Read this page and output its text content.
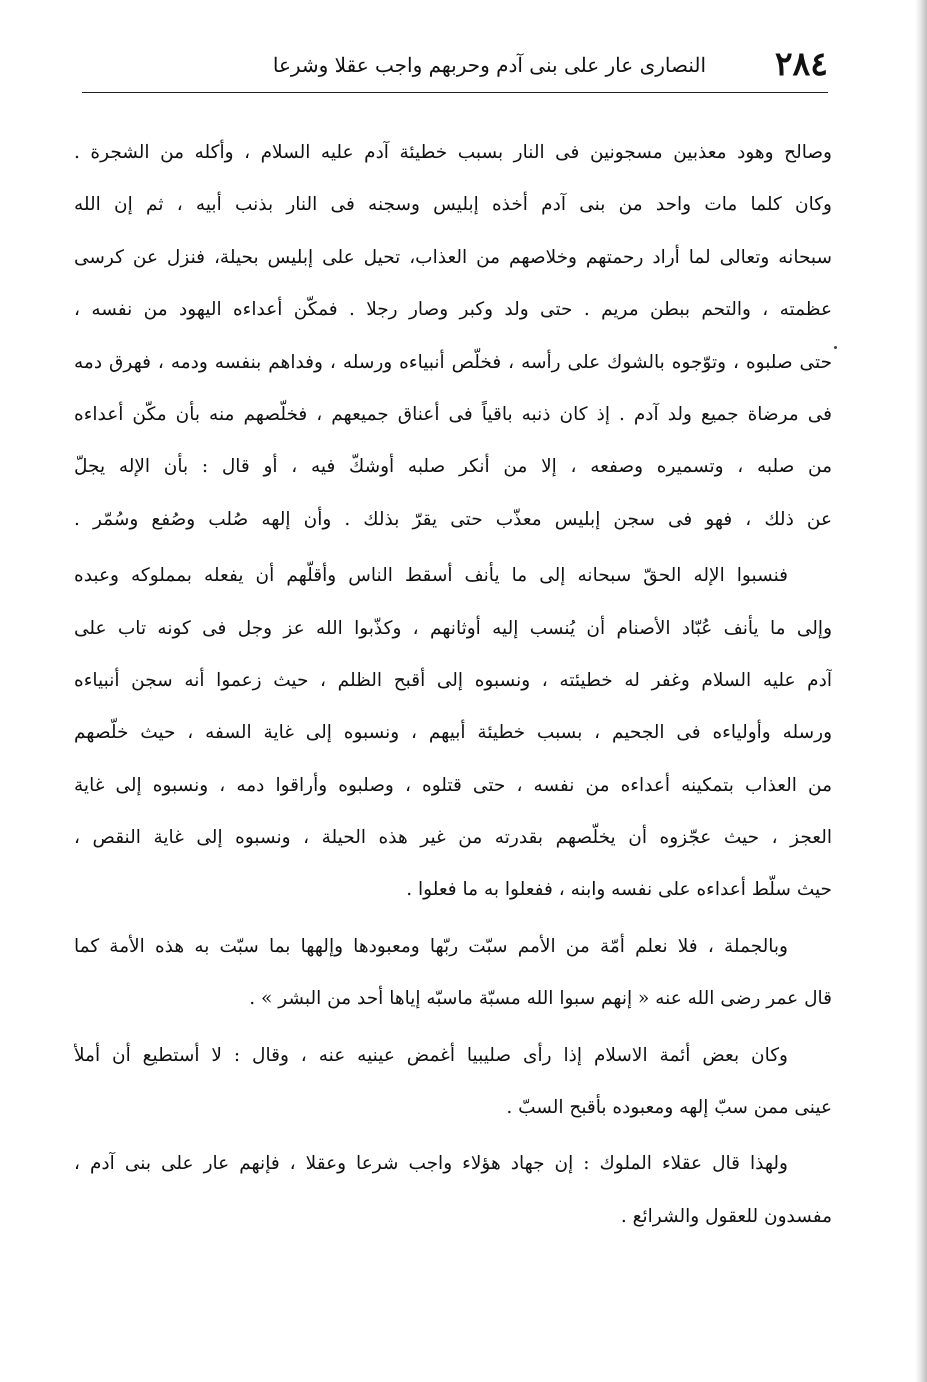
٢٨٤
النصارى عار على بنى آدم وحربهم واجب عقلا وشرعا
وصالح وهود معذبين مسجونين فى النار بسبب خطيئة آدم عليه السلام ، وأكله من الشجرة .
وكان كلما مات واحد من بنى آدم أخذه إبليس وسجنه فى النار بذنب أبيه ، ثم إن الله
سبحانه وتعالى لما أراد رحمتهم وخلاصهم من العذاب، تحيل على إبليس بحيلة، فنزل عن كرسى
عظمته ، والتحم ببطن مريم . حتى ولد وكبر وصار رجلا . فمكّن أعداءه اليهود من نفسه ،
حتى صلبوه ، وتوّجوه بالشوك على رأسه ، فخلّص أنبياءه ورسله ، وفداهم بنفسه ودمه ، فهرق دمه
فى مرضاة جميع ولد آدم . إذ كان ذنبه باقياً فى أعناق جميعهم ، فخلّصهم منه بأن مكّن أعداءه
من صلبه ، وتسميره وصفعه ، إلا من أنكر صلبه أوشكّ فيه ، أو قال : بأن الإله يجلّ
عن ذلك ، فهو فى سجن إبليس معذّب حتى يقرّ بذلك . وأن إلهه صُلب وصُفع وسُمّر .
فنسبوا الإله الحقّ سبحانه إلى ما يأنف أسقط الناس وأقلّهم أن يفعله بمملوكه وعبده
وإلى ما يأنف عُبّاد الأصنام أن يُنسب إليه أوثانهم ، وكذّبوا الله عز وجل فى كونه تاب على
آدم عليه السلام وغفر له خطيئته ، ونسبوه إلى أقبح الظلم ، حيث زعموا أنه سجن أنبياءه
ورسله وأولياءه فى الجحيم ، بسبب خطيئة أبيهم ، ونسبوه إلى غاية السفه ، حيث خلّصهم
من العذاب بتمكينه أعداءه من نفسه ، حتى قتلوه ، وصلبوه وأراقوا دمه ، ونسبوه إلى غاية
العجز ، حيث عجّزوه أن يخلّصهم بقدرته من غير هذه الحيلة ، ونسبوه إلى غاية النقص ،
حيث سلّط أعداءه على نفسه وابنه ، ففعلوا به ما فعلوا .
وبالجملة ، فلا نعلم أمّة من الأمم سبّت ربّها ومعبودها وإلهها بما سبّت به هذه الأمة كما
قال عمر رضى الله عنه « إنهم سبوا الله مسبّة ماسبّه إياها أحد من البشر » .
وكان بعض أئمة الاسلام إذا رأى صليبيا أغمض عينيه عنه ، وقال : لا أستطيع أن أملأ
عينى ممن سبّ إلهه ومعبوده بأقبح السبّ .
ولهذا قال عقلاء الملوك : إن جهاد هؤلاء واجب شرعا وعقلا ، فإنهم عار على بنى آدم ،
مفسدون للعقول والشرائع .
